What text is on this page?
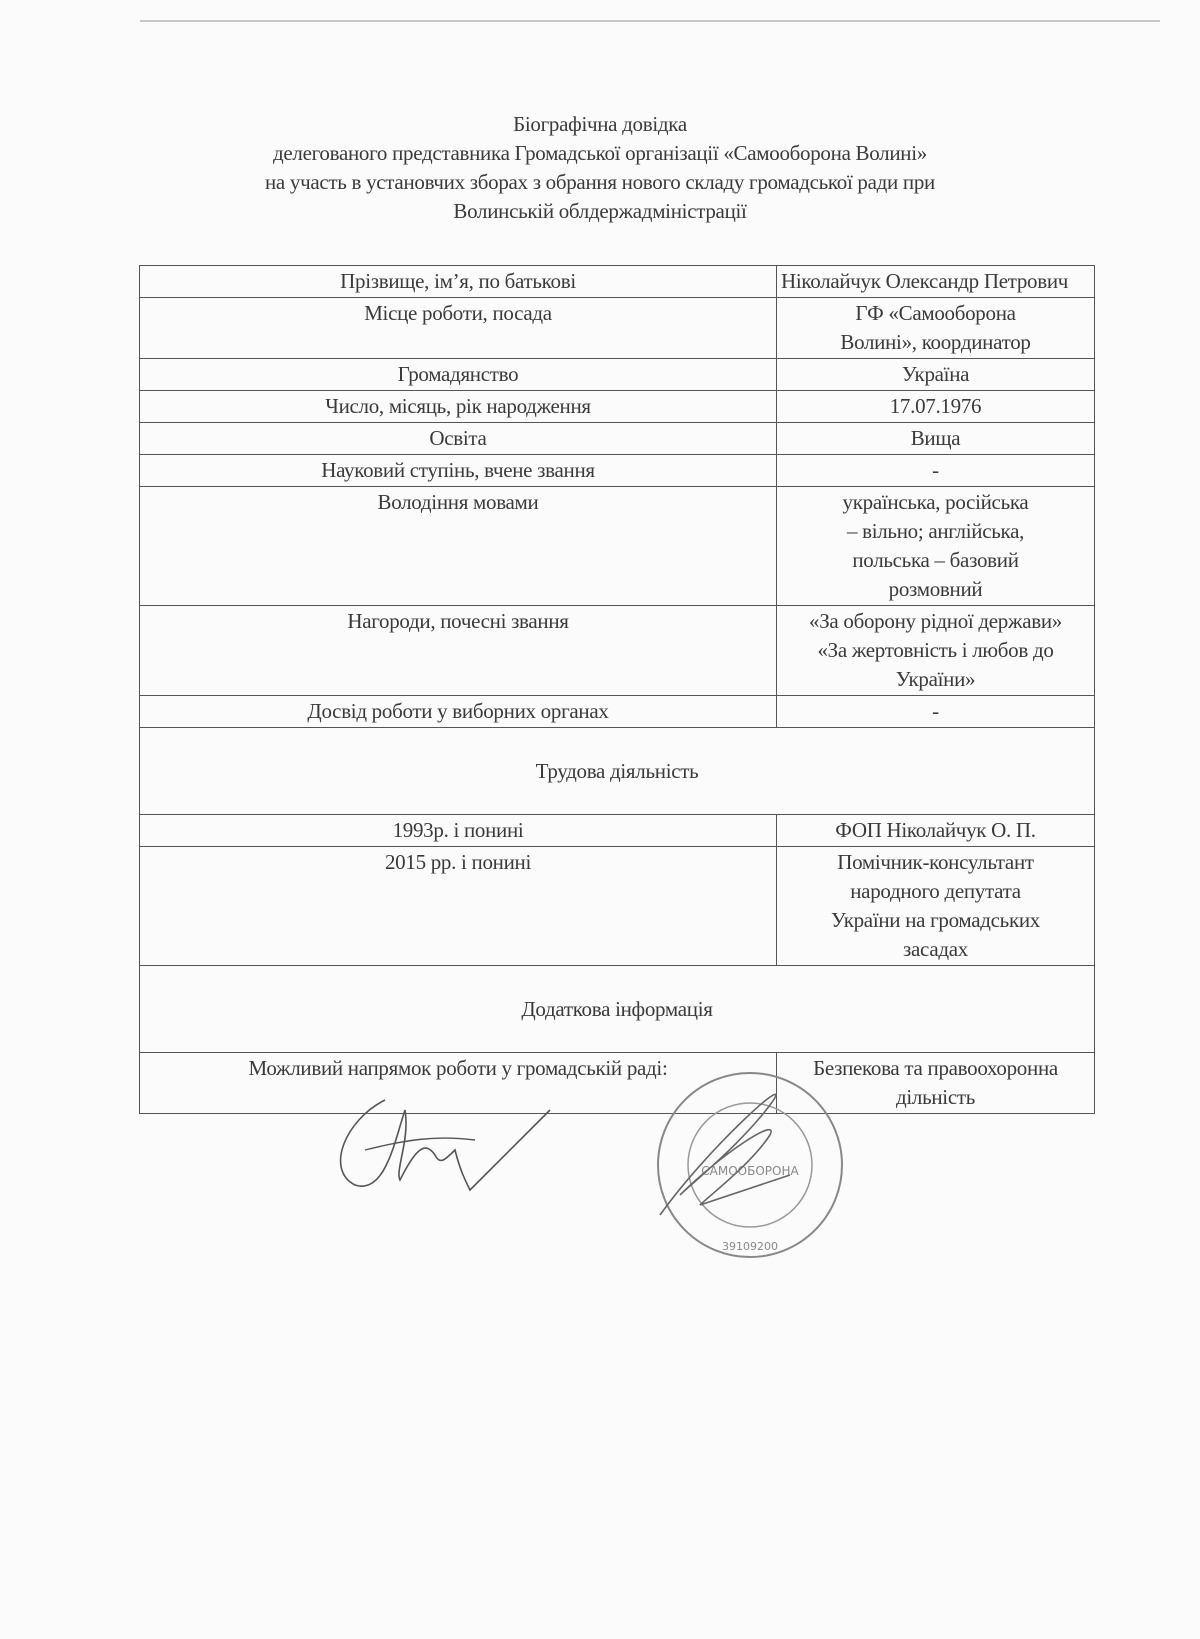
Біографічна довідка
делегованого представника Громадської організації «Самооборона Волині»
на участь в установчих зборах з обрання нового складу громадської ради при
Волинській облдержадміністрації
Прізвище, ім’я, по батькові	Ніколайчук Олександр Петрович
Місце роботи, посада	ГФ «Самооборона Волині», координатор
Громадянство	Україна
Число, місяць, рік народження	17.07.1976
Освіта	Вища
Науковий ступінь, вчене звання	-
Володіння мовами	українська, російська – вільно; англійська, польська – базовий розмовний
Нагороди, почесні звання	«За оборону рідної держави» «За жертовність і любов до України»
Досвід роботи у виборних органах	-
Трудова діяльність	
1993р. і понині	ФОП Ніколайчук О. П.
2015 рр. і понині	Помічник-консультант народного депутата України на громадських засадах
Додаткова інформація	
Можливий напрямок роботи у громадській раді:	Безпекова та правоохоронна дільність
САМООБОРОНА
39109200
